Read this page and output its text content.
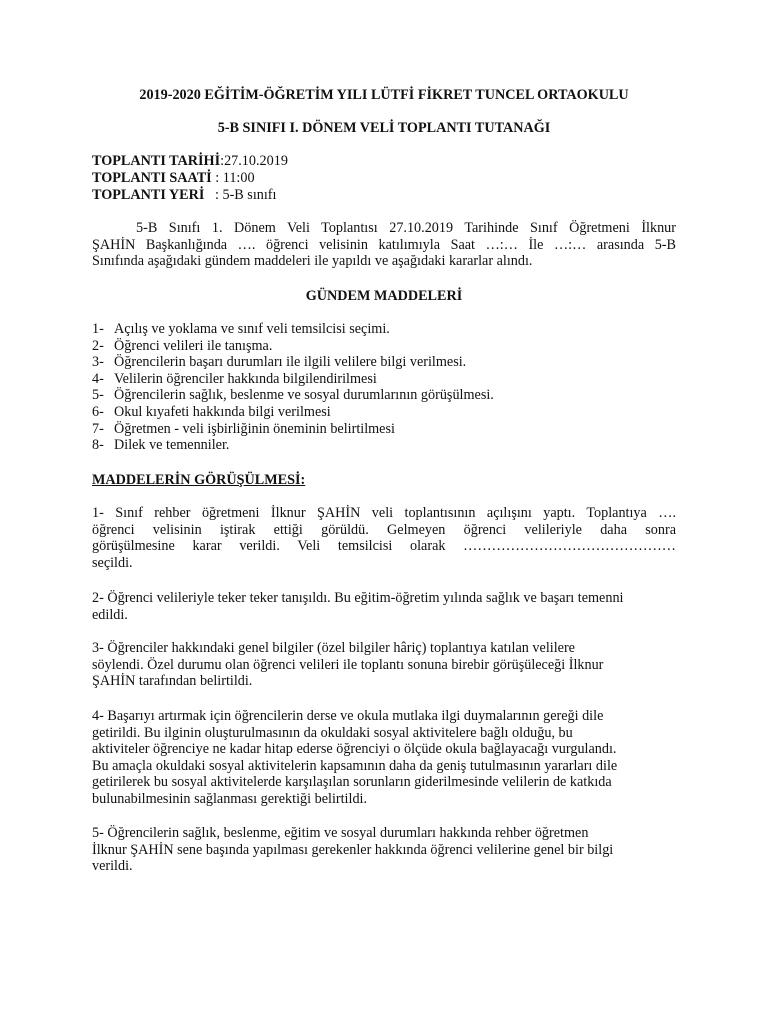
2019-2020 EĞİTİM-ÖĞRETİM YILI LÜTFİ FİKRET TUNCEL ORTAOKULU
5-B SINIFI I. DÖNEM VELİ TOPLANTI TUTANAĞI
TOPLANTI TARİHİ:27.10.2019
TOPLANTI SAATİ : 11:00
TOPLANTI YERİ   : 5-B sınıfı
5-B Sınıfı 1. Dönem Veli Toplantısı 27.10.2019 Tarihinde Sınıf Öğretmeni İlknur
ŞAHİN Başkanlığında …. öğrenci velisinin katılımıyla Saat …:… İle …:… arasında 5-B
Sınıfında aşağıdaki gündem maddeleri ile yapıldı ve aşağıdaki kararlar alındı.
GÜNDEM MADDELERİ
1- Açılış ve yoklama ve sınıf veli temsilcisi seçimi.
2- Öğrenci velileri ile tanışma.
3- Öğrencilerin başarı durumları ile ilgili velilere bilgi verilmesi.
4- Velilerin öğrenciler hakkında bilgilendirilmesi
5- Öğrencilerin sağlık, beslenme ve sosyal durumlarının görüşülmesi.
6- Okul kıyafeti hakkında bilgi verilmesi
7- Öğretmen - veli işbirliğinin öneminin belirtilmesi
8- Dilek ve temenniler.
MADDELERİN GÖRÜŞÜLMESİ:
1- Sınıf rehber öğretmeni İlknur ŞAHİN veli toplantısının açılışını yaptı. Toplantıya ….
öğrenci velisinin iştirak ettiği görüldü. Gelmeyen öğrenci velileriyle daha sonra
görüşülmesine karar verildi. Veli temsilcisi olarak ………………………………………
seçildi.
2- Öğrenci velileriyle teker teker tanışıldı. Bu eğitim-öğretim yılında sağlık ve başarı temenni
edildi.
3- Öğrenciler hakkındaki genel bilgiler (özel bilgiler hâriç) toplantıya katılan velilere
söylendi. Özel durumu olan öğrenci velileri ile toplantı sonuna birebir görüşüleceği İlknur
ŞAHİN tarafından belirtildi.
4- Başarıyı artırmak için öğrencilerin derse ve okula mutlaka ilgi duymalarının gereği dile
getirildi. Bu ilginin oluşturulmasının da okuldaki sosyal aktivitelere bağlı olduğu, bu
aktiviteler öğrenciye ne kadar hitap ederse öğrenciyi o ölçüde okula bağlayacağı vurgulandı.
Bu amaçla okuldaki sosyal aktivitelerin kapsamının daha da geniş tutulmasının yararları dile
getirilerek bu sosyal aktivitelerde karşılaşılan sorunların giderilmesinde velilerin de katkıda
bulunabilmesinin sağlanması gerektiği belirtildi.
5- Öğrencilerin sağlık, beslenme, eğitim ve sosyal durumları hakkında rehber öğretmen
İlknur ŞAHİN sene başında yapılması gerekenler hakkında öğrenci velilerine genel bir bilgi
verildi.
